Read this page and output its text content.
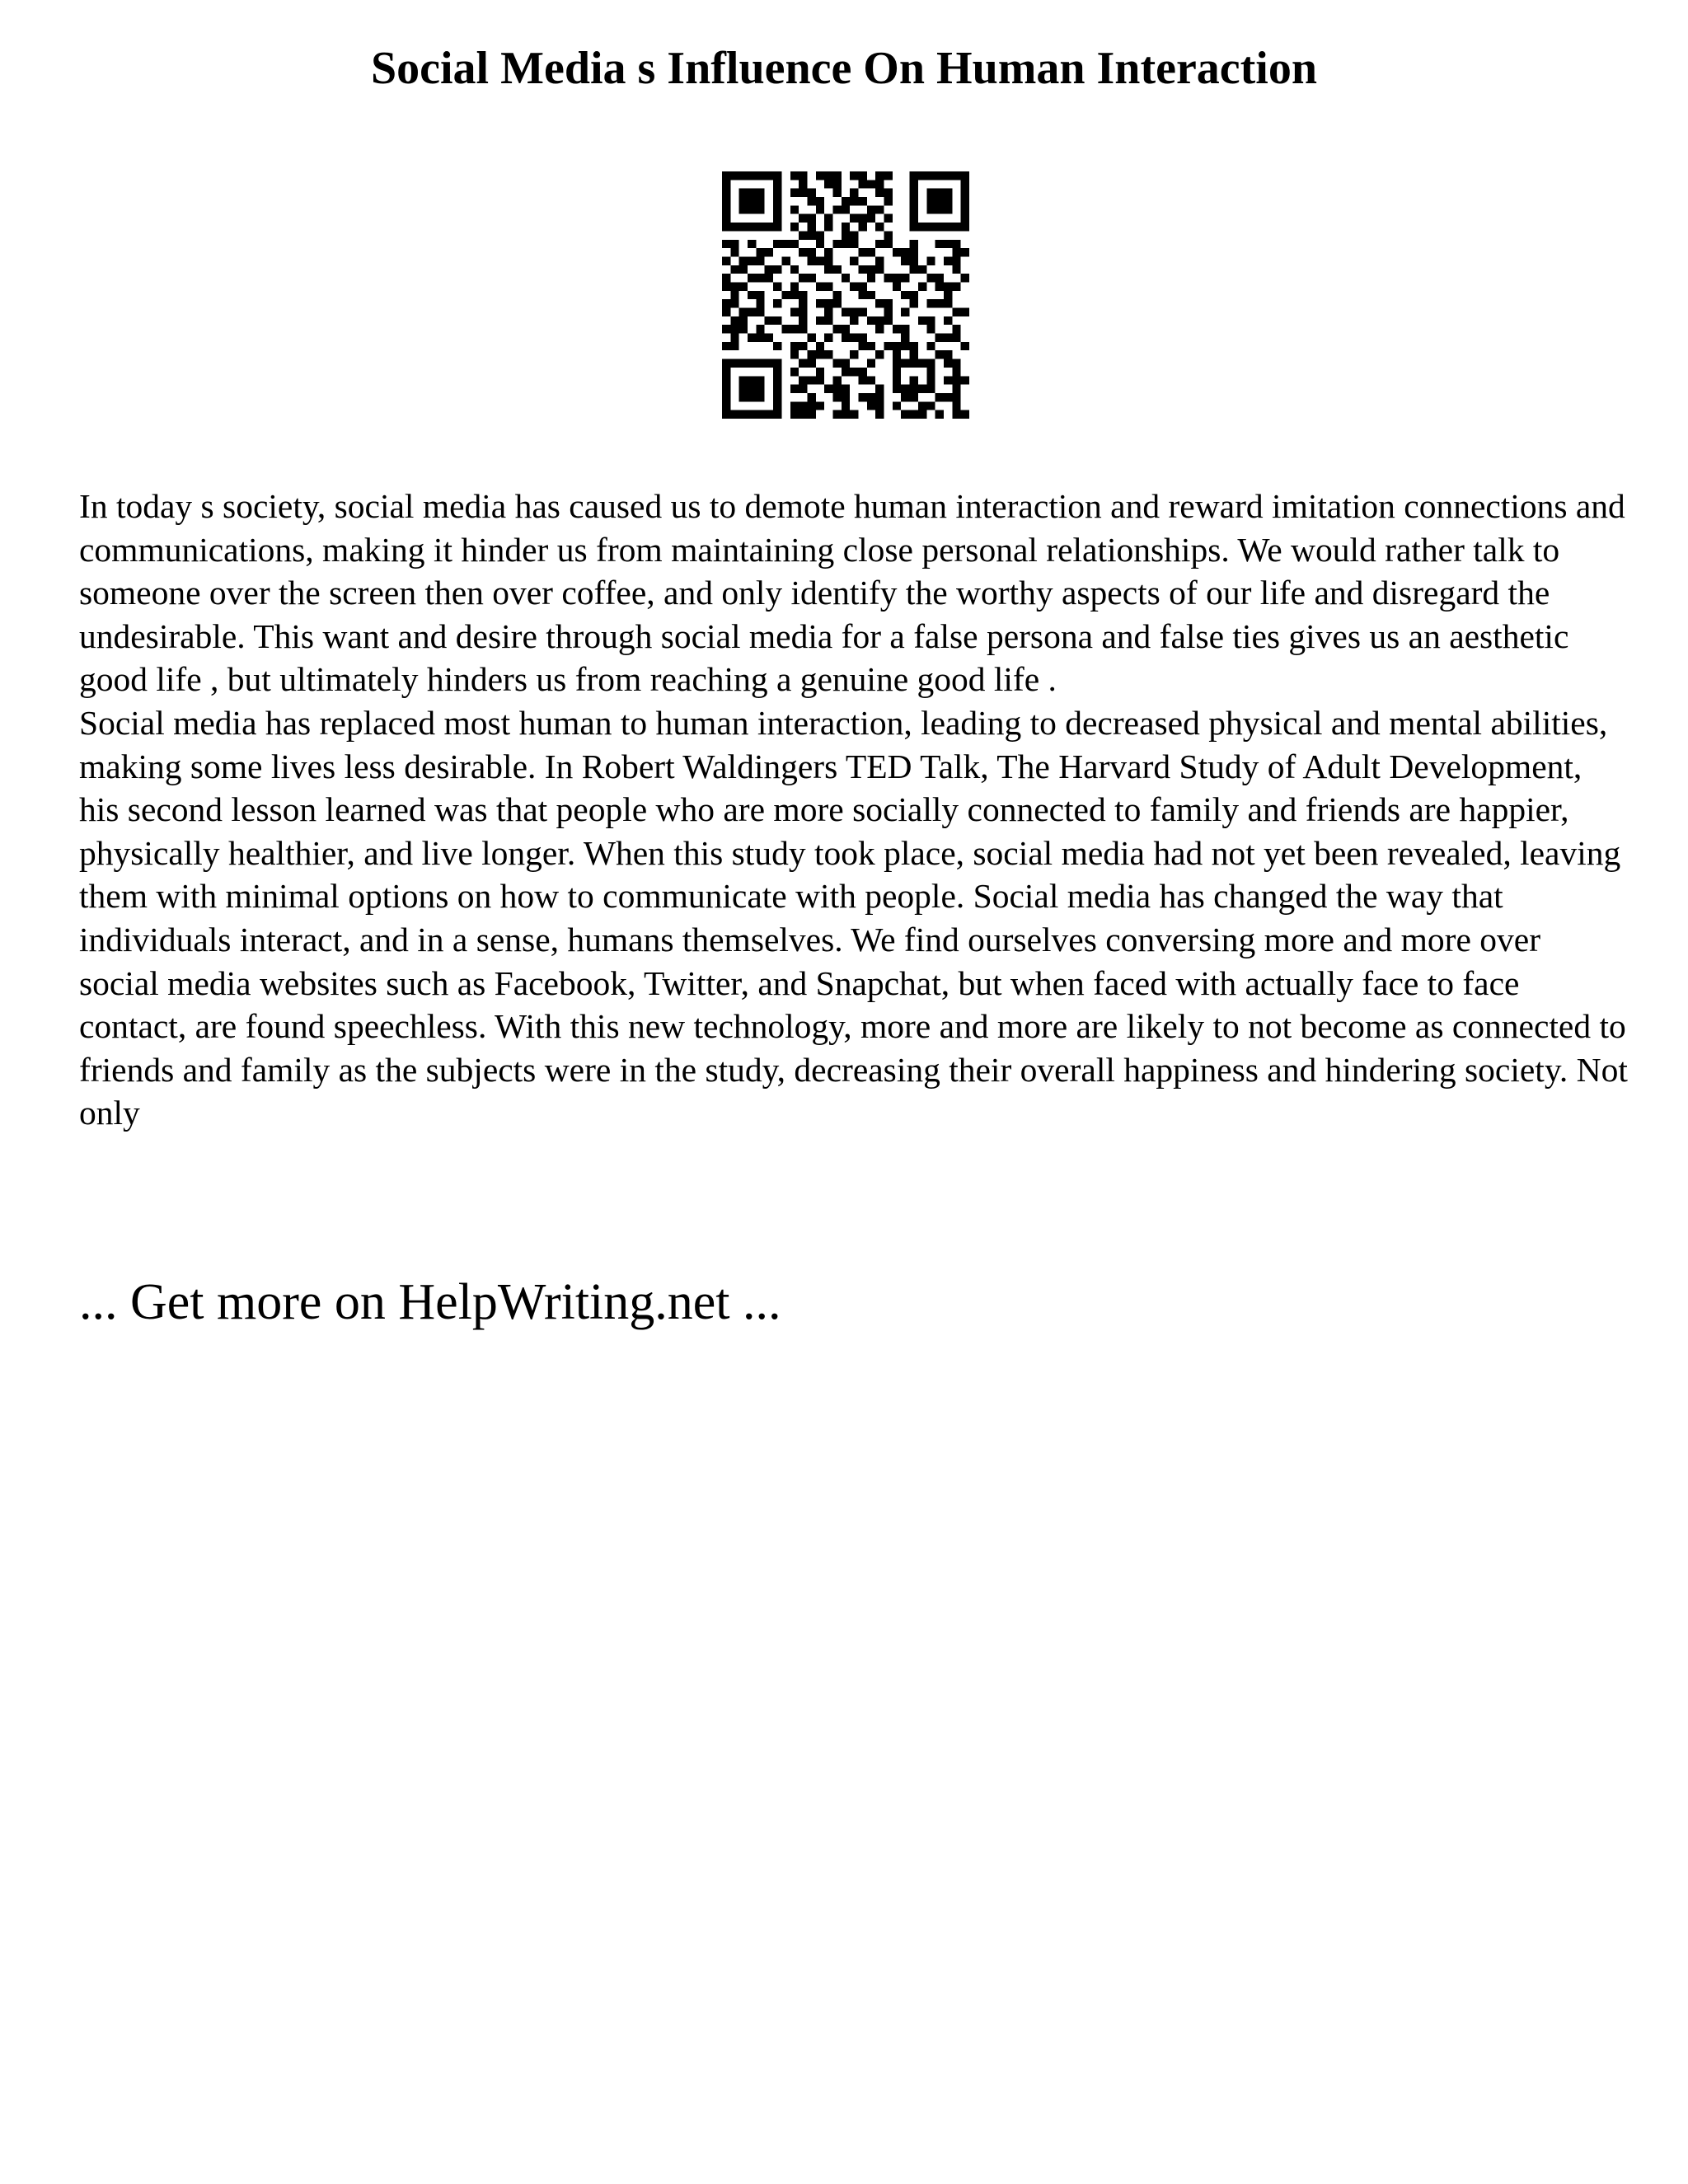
Social Media s Influence On Human Interaction

In today s society, social media has caused us to demote human interaction and reward imitation connections and communications, making it hinder us from maintaining close personal relationships. We would rather talk to someone over the screen then over coffee, and only identify the worthy aspects of our life and disregard the undesirable. This want and desire through social media for a false persona and false ties gives us an aesthetic good life , but ultimately hinders us from reaching a genuine good life .

Social media has replaced most human to human interaction, leading to decreased physical and mental abilities, making some lives less desirable. In Robert Waldingers TED Talk, The Harvard Study of Adult Development, his second lesson learned was that people who are more socially connected to family and friends are happier, physically healthier, and live longer. When this study took place, social media had not yet been revealed, leaving them with minimal options on how to communicate with people. Social media has changed the way that individuals interact, and in a sense, humans themselves. We find ourselves conversing more and more over social media websites such as Facebook, Twitter, and Snapchat, but when faced with actually face to face contact, are found speechless. With this new technology, more and more are likely to not become as connected to friends and family as the subjects were in the study, decreasing their overall happiness and hindering society. Not only

... Get more on HelpWriting.net ...
